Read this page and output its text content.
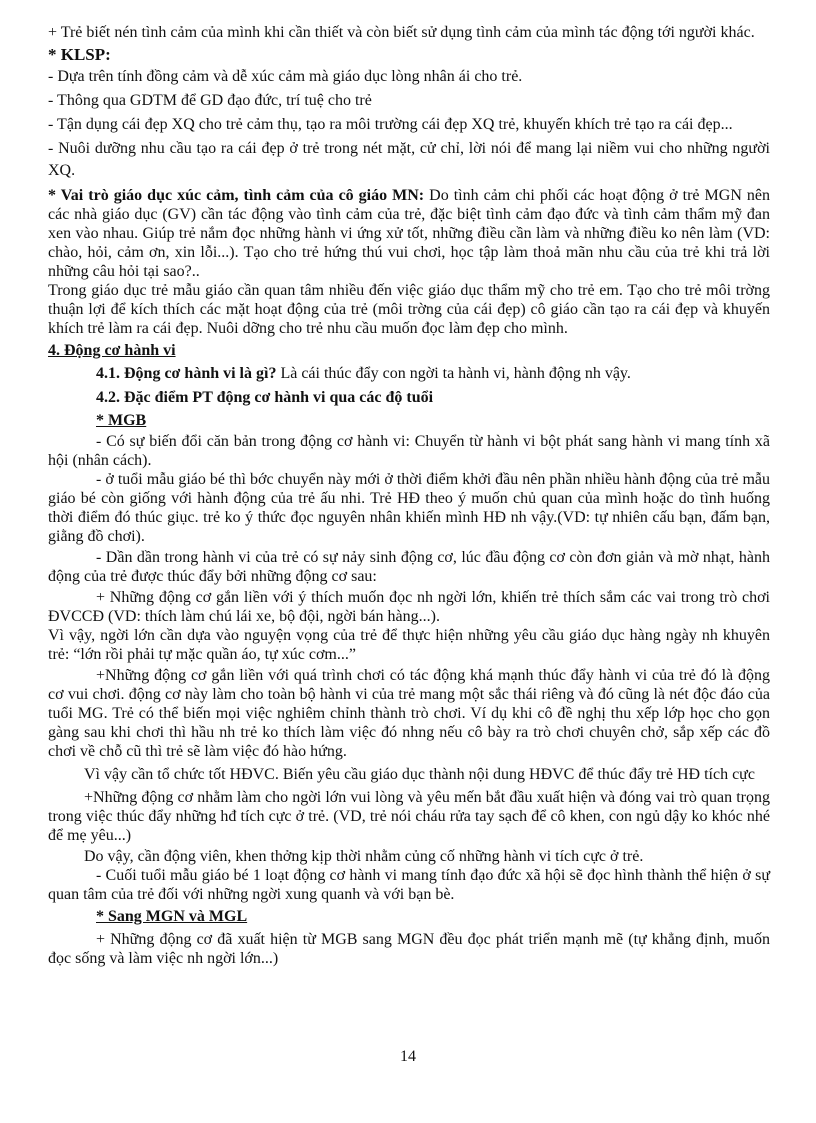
+ Trẻ biết nén tình cảm của mình khi cần thiết và còn biết sử dụng tình cảm của mình tác động tới người khác.

* KLSP:

- Dựa trên tính đồng cảm và dễ xúc cảm mà giáo dục lòng nhân ái cho trẻ.

- Thông qua GDTM để GD đạo đức, trí tuệ cho trẻ

- Tận dụng cái đẹp XQ cho trẻ cảm thụ, tạo ra môi trường cái đẹp XQ trẻ, khuyến khích trẻ tạo ra cái đẹp...

- Nuôi dưỡng nhu cầu tạo ra cái đẹp ở trẻ trong nét mặt, cử chỉ, lời nói để mang lại niềm vui cho những người XQ.

* Vai trò giáo dục xúc cảm, tình cảm của cô giáo MN: Do tình cảm chi phối các hoạt động ở trẻ MGN nên các nhà giáo dục (GV) cần tác động vào tình cảm của trẻ, đặc biệt tình cảm đạo đức và tình cảm thẩm mỹ đan xen vào nhau. Giúp trẻ nắm đọc những hành vi ứng xử tốt, những điều cần làm và những điều ko nên làm (VD: chào, hỏi, cảm ơn, xin lỗi...). Tạo cho trẻ hứng thú vui chơi, học tập làm thoả mãn nhu cầu của trẻ khi trả lời những câu hỏi tại sao?..

Trong giáo dục trẻ mẫu giáo cần quan tâm nhiều đến việc giáo dục thẩm mỹ cho trẻ em. Tạo cho trẻ môi trờng thuận lợi để kích thích các mặt hoạt động của trẻ (môi trờng của cái đẹp) cô giáo cần tạo ra cái đẹp và khuyến khích trẻ làm ra cái đẹp. Nuôi dỡng cho trẻ nhu cầu muốn đọc làm đẹp cho mình.

4. Động cơ hành vi

4.1. Động cơ hành vi là gì? Là cái thúc đẩy con ngời ta hành vi, hành động nh vậy.

4.2. Đặc điểm PT động cơ hành vi qua các độ tuổi

* MGB

- Có sự biến đổi căn bản trong động cơ hành vi: Chuyển từ hành vi bột phát sang hành vi mang tính xã hội (nhân cách).

- ở tuổi mẫu giáo bé thì bớc chuyển này mới ở thời điểm khởi đầu nên phần nhiều hành động của trẻ mẫu giáo bé còn giống với hành động của trẻ ấu nhi. Trẻ HĐ theo ý muốn chủ quan của mình hoặc do tình huống thời điểm đó thúc giục. trẻ ko ý thức đọc nguyên nhân khiến mình HĐ nh vậy.(VD: tự nhiên cấu bạn, đấm bạn, giằng đồ chơi).

- Dần dần trong hành vi của trẻ có sự nảy sinh động cơ, lúc đầu động cơ còn đơn giản và mờ nhạt, hành động của trẻ được thúc đẩy bởi những động cơ sau:

+ Những động cơ gắn liền với ý thích muốn đọc nh ngời lớn, khiến trẻ thích sắm các vai trong trò chơi ĐVCCĐ (VD: thích làm chú lái xe, bộ đội, ngời bán hàng...).

Vì vậy, ngời lớn cần dựa vào nguyện vọng của trẻ để thực hiện những yêu cầu giáo dục hàng ngày nh khuyên trẻ: “lớn rồi phải tự mặc quần áo, tự xúc cơm...”

+Những động cơ gắn liền với quá trình chơi có tác động khá mạnh thúc đẩy hành vi của trẻ đó là động cơ vui chơi. động cơ này làm cho toàn bộ hành vi của trẻ mang một sắc thái riêng và đó cũng là nét độc đáo của tuổi MG. Trẻ có thể biến mọi việc nghiêm chỉnh thành trò chơi. Ví dụ khi cô đề nghị thu xếp lớp học cho gọn gàng sau khi chơi thì hầu nh trẻ ko thích làm việc đó nhng nếu cô bày ra trò chơi chuyên chở, sắp xếp các đồ chơi về chỗ cũ thì trẻ sẽ làm việc đó hào hứng.

Vì vậy cần tổ chức tốt HĐVC. Biến yêu cầu giáo dục thành nội dung HĐVC để thúc đẩy trẻ HĐ tích cực

+Những động cơ nhằm làm cho ngời lớn vui lòng và yêu mến bắt đầu xuất hiện và đóng vai trò quan trọng trong việc thúc đẩy những hđ tích cực ở trẻ. (VD, trẻ nói cháu rửa tay sạch để cô khen, con ngủ dậy ko khóc nhé để mẹ yêu...)

Do vậy, cần động viên, khen thởng kịp thời nhằm củng cố những hành vi tích cực ở trẻ.

- Cuối tuổi mẫu giáo bé 1 loạt động cơ hành vi mang tính đạo đức xã hội sẽ đọc hình thành thể hiện ở sự quan tâm của trẻ đối với những ngời xung quanh và với bạn bè.

* Sang MGN và MGL

+ Những động cơ đã xuất hiện từ MGB sang MGN đều đọc phát triển mạnh mẽ (tự khẳng định, muốn đọc sống và làm việc nh ngời lớn...)

14
